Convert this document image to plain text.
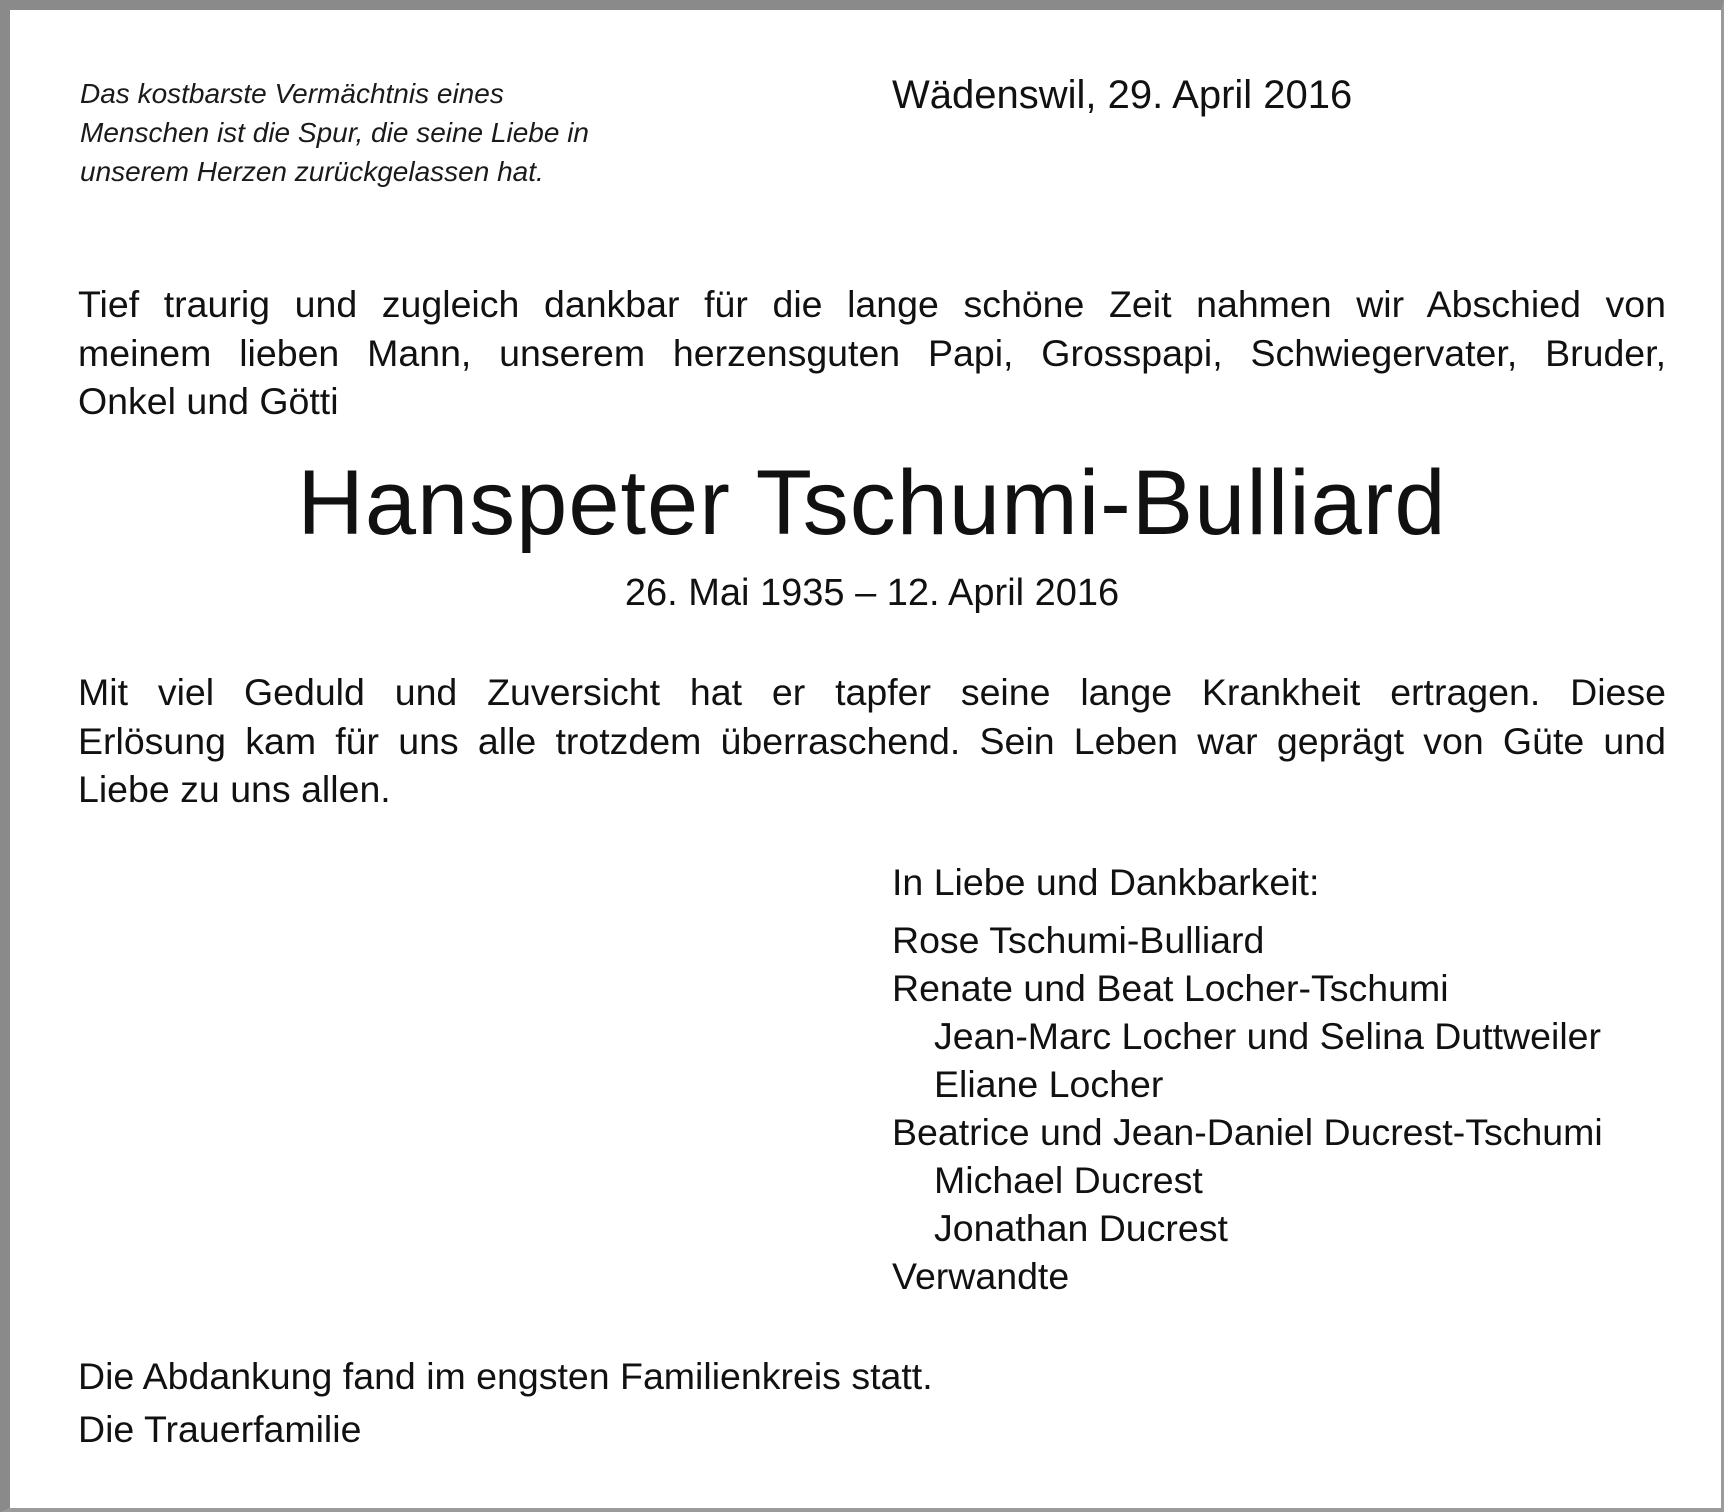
Das kostbarste Vermächtnis eines
Menschen ist die Spur, die seine Liebe in
unserem Herzen zurückgelassen hat.
Wädenswil, 29. April 2016
Tief traurig und zugleich dankbar für die lange schöne Zeit nahmen wir Abschied von
meinem lieben Mann, unserem herzensguten Papi, Grosspapi, Schwiegervater, Bruder,
Onkel und Götti
Hanspeter Tschumi-Bulliard
26. Mai 1935 – 12. April 2016
Mit viel Geduld und Zuversicht hat er tapfer seine lange Krankheit ertragen. Diese
Erlösung kam für uns alle trotzdem überraschend. Sein Leben war geprägt von Güte und
Liebe zu uns allen.
In Liebe und Dankbarkeit:
Rose Tschumi-Bulliard
Renate und Beat Locher-Tschumi
Jean-Marc Locher und Selina Duttweiler
Eliane Locher
Beatrice und Jean-Daniel Ducrest-Tschumi
Michael Ducrest
Jonathan Ducrest
Verwandte
Die Abdankung fand im engsten Familienkreis statt.
Die Trauerfamilie
